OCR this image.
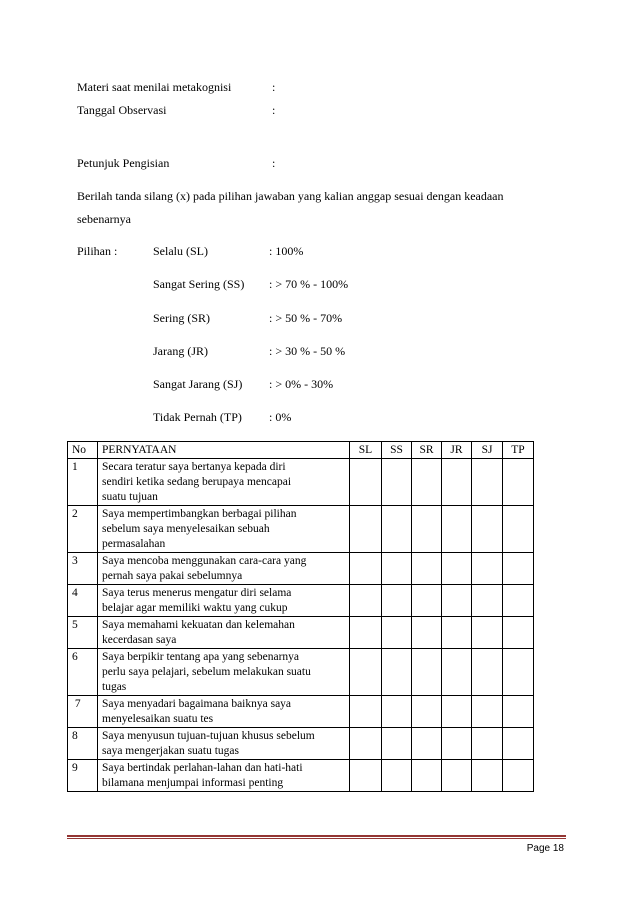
Materi saat menilai metakognisi	:
Tanggal Observasi	:
Petunjuk Pengisian	:
Berilah tanda silang (x) pada pilihan jawaban yang kalian anggap sesuai dengan keadaan
sebenarnya
Pilihan :	Selalu (SL)	: 100%
Sangat Sering (SS) : > 70 % - 100%
Sering (SR)	: > 50 % - 70%
Jarang (JR)	: > 30 % - 50 %
Sangat Jarang (SJ) : > 0% - 30%
Tidak Pernah (TP) : 0%
No	PERNYATAAN	SL	SS	SR	JR	SJ	TP
1	Secara teratur saya bertanya kepada diri
sendiri ketika sedang berupaya mencapai
suatu tujuan						

2	Saya mempertimbangkan berbagai pilihan
sebelum saya menyelesaikan sebuah
permasalahan						

3	Saya mencoba menggunakan cara-cara yang
pernah saya pakai sebelumnya						

4	Saya terus menerus mengatur diri selama
belajar agar memiliki waktu yang cukup						

5	Saya memahami kekuatan dan kelemahan
kecerdasan saya						

6	Saya berpikir tentang apa yang sebenarnya
perlu saya pelajari, sebelum melakukan suatu
tugas						

7	Saya menyadari bagaimana baiknya saya
menyelesaikan suatu tes						

8	Saya menyusun tujuan-tujuan khusus sebelum
saya mengerjakan suatu tugas						

9	Saya bertindak perlahan-lahan dan hati-hati
bilamana menjumpai informasi penting						

Page 18
